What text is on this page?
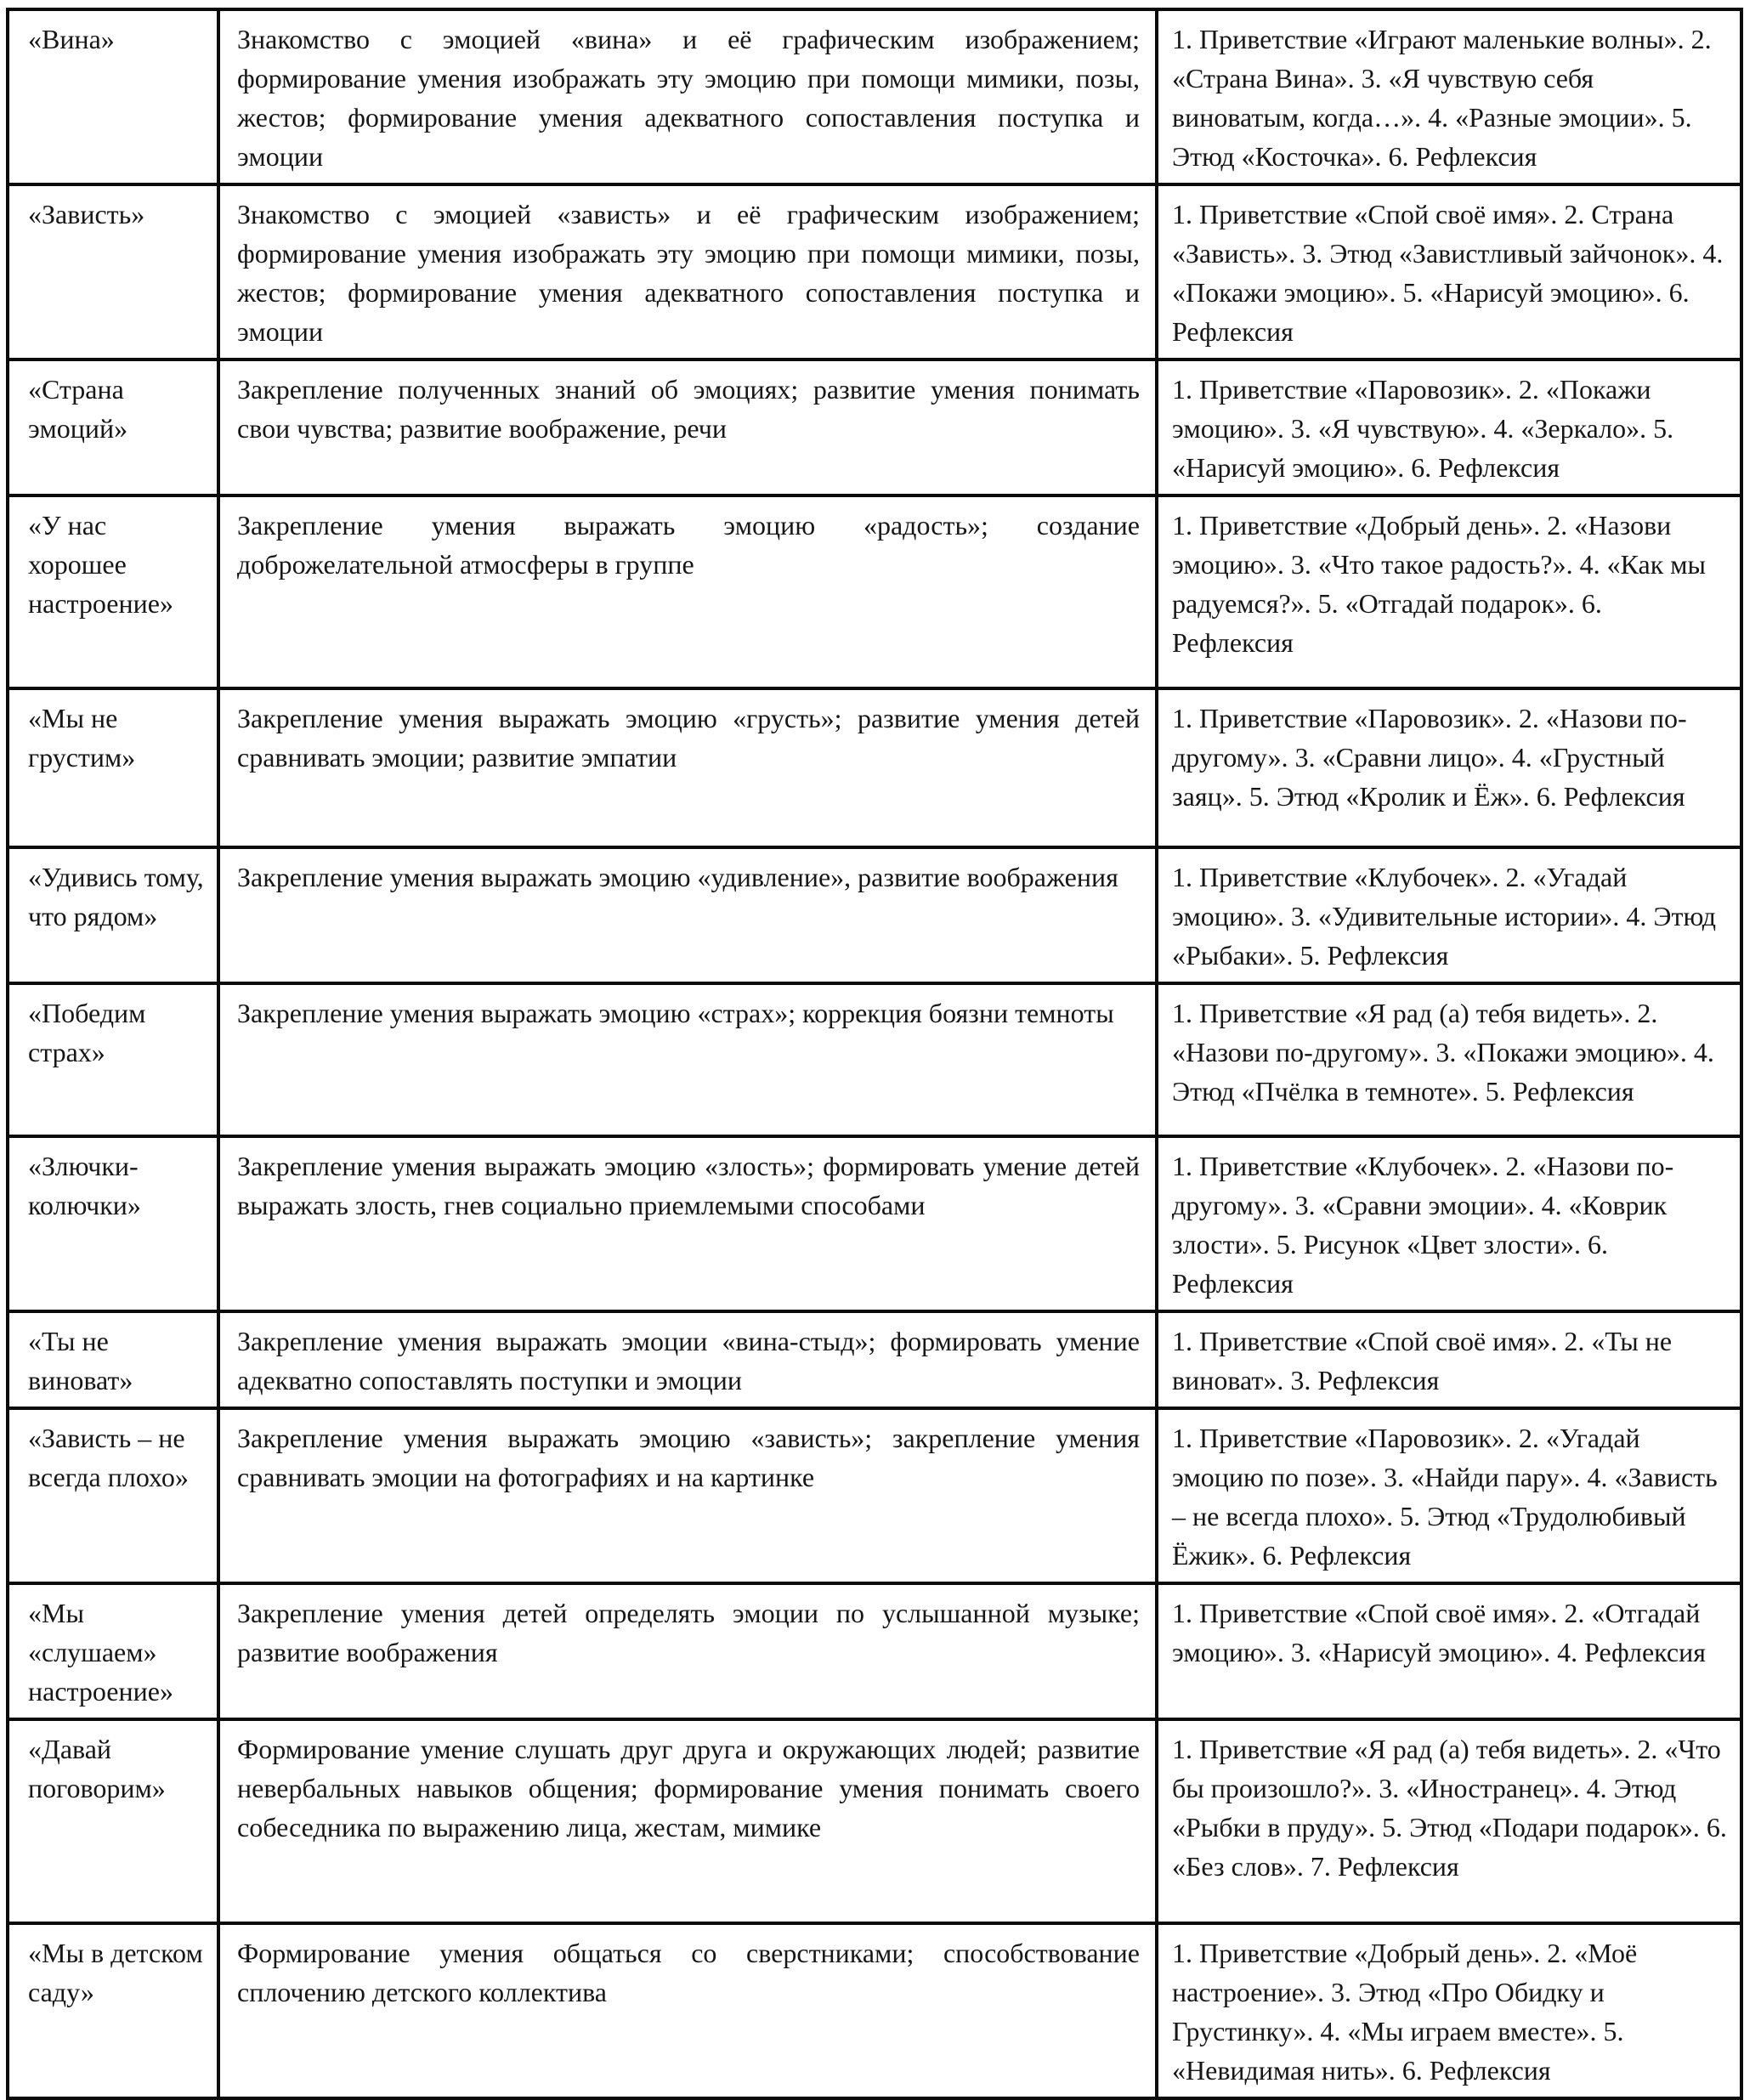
«Вина»	Знакомство с эмоцией «вина» и её графическим изображением; формирование умения изображать эту эмоцию при помощи мимики, позы, жестов; формирование умения адекватного сопоставления поступка и эмоции	1. Приветствие «Играют маленькие волны». 2. «Страна Вина». 3. «Я чувствую себя виноватым, когда…». 4. «Разные эмоции». 5. Этюд «Косточка». 6. Рефлексия
«Зависть»	Знакомство с эмоцией «зависть» и её графическим изображением; формирование умения изображать эту эмоцию при помощи мимики, позы, жестов; формирование умения адекватного сопоставления поступка и эмоции	1. Приветствие «Спой своё имя». 2. Страна «Зависть». 3. Этюд «Завистливый зайчонок». 4. «Покажи эмоцию». 5. «Нарисуй эмоцию». 6. Рефлексия
«Страна эмоций»	Закрепление полученных знаний об эмоциях; развитие умения понимать свои чувства; развитие воображение, речи	1. Приветствие «Паровозик». 2. «Покажи эмоцию». 3. «Я чувствую». 4. «Зеркало». 5. «Нарисуй эмоцию». 6. Рефлексия
«У нас хорошее настроение»	Закрепление умения выражать эмоцию «радость»; создание доброжелательной атмосферы в группе	1. Приветствие «Добрый день». 2. «Назови эмоцию». 3. «Что такое радость?». 4. «Как мы радуемся?». 5. «Отгадай подарок». 6. Рефлексия
«Мы не грустим»	Закрепление умения выражать эмоцию «грусть»; развитие умения детей сравнивать эмоции; развитие эмпатии	1. Приветствие «Паровозик». 2. «Назови по-другому». 3. «Сравни лицо». 4. «Грустный заяц». 5. Этюд «Кролик и Ёж». 6. Рефлексия
«Удивись тому, что рядом»	Закрепление умения выражать эмоцию «удивление», развитие воображения	1. Приветствие «Клубочек». 2. «Угадай эмоцию». 3. «Удивительные истории». 4. Этюд «Рыбаки». 5. Рефлексия
«Победим страх»	Закрепление умения выражать эмоцию «страх»; коррекция боязни темноты	1. Приветствие «Я рад (а) тебя видеть». 2. «Назови по-другому». 3. «Покажи эмоцию». 4. Этюд «Пчёлка в темноте». 5. Рефлексия
«Злючки-колючки»	Закрепление умения выражать эмоцию «злость»; формировать умение детей выражать злость, гнев социально приемлемыми способами	1. Приветствие «Клубочек». 2. «Назови по-другому». 3. «Сравни эмоции». 4. «Коврик злости». 5. Рисунок «Цвет злости». 6. Рефлексия
«Ты не виноват»	Закрепление умения выражать эмоции «вина-стыд»; формировать умение адекватно сопоставлять поступки и эмоции	1. Приветствие «Спой своё имя». 2. «Ты не виноват». 3. Рефлексия
«Зависть – не всегда плохо»	Закрепление умения выражать эмоцию «зависть»; закрепление умения сравнивать эмоции на фотографиях и на картинке	1. Приветствие «Паровозик». 2. «Угадай эмоцию по позе». 3. «Найди пару». 4. «Зависть – не всегда плохо». 5. Этюд «Трудолюбивый Ёжик». 6. Рефлексия
«Мы «слушаем» настроение»	Закрепление умения детей определять эмоции по услышанной музыке; развитие воображения	1. Приветствие «Спой своё имя». 2. «Отгадай эмоцию». 3. «Нарисуй эмоцию». 4. Рефлексия
«Давай поговорим»	Формирование умение слушать друг друга и окружающих людей; развитие невербальных навыков общения; формирование умения понимать своего собеседника по выражению лица, жестам, мимике	1. Приветствие «Я рад (а) тебя видеть». 2. «Что бы произошло?». 3. «Иностранец». 4. Этюд «Рыбки в пруду». 5. Этюд «Подари подарок». 6. «Без слов». 7. Рефлексия
«Мы в детском саду»	Формирование умения общаться со сверстниками; способствование сплочению детского коллектива	1. Приветствие «Добрый день». 2. «Моё настроение». 3. Этюд «Про Обидку и Грустинку». 4. «Мы играем вместе». 5. «Невидимая нить». 6. Рефлексия
